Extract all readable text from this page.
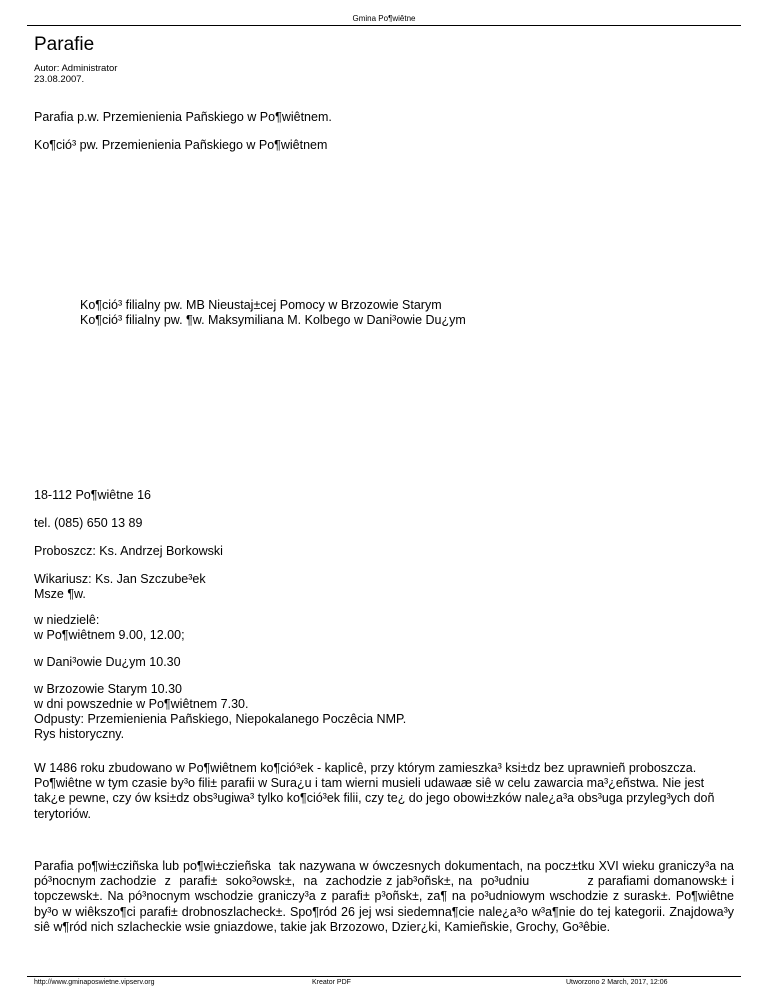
Gmina Po¶wiêtne
Parafie
Autor: Administrator
23.08.2007.
Parafia p.w. Przemienienia Pañskiego w Po¶wiêtnem.
Ko¶ció³ pw. Przemienienia Pañskiego w Po¶wiêtnem
Ko¶ció³ filialny pw. MB Nieustaj±cej Pomocy w Brzozowie Starym
Ko¶ció³ filialny pw. ¶w. Maksymiliana M. Kolbego w Dani³owie Du¿ym
18-112 Po¶wiêtne 16
tel. (085) 650 13 89
Proboszcz: Ks. Andrzej Borkowski
Wikariusz: Ks. Jan Szczube³ek
Msze ¶w.
w niedzielê:
w Po¶wiêtnem 9.00, 12.00;
w Dani³owie Du¿ym 10.30
w Brzozowie Starym 10.30
w dni powszednie w Po¶wiêtnem 7.30.
Odpusty: Przemienienia Pañskiego, Niepokalanego Poczêcia NMP.
Rys historyczny.
W 1486 roku zbudowano w Po¶wiêtnem ko¶ció³ek - kaplicê, przy którym zamieszka³ ksi±dz bez uprawnieñ proboszcza. Po¶wiêtne w tym czasie by³o fili± parafii w Sura¿u i tam wierni musieli udawaæ siê w celu zawarcia ma³¿eñstwa. Nie jest tak¿e pewne, czy ów ksi±dz obs³ugiwa³ tylko ko¶ció³ek filii, czy te¿ do jego obowi±zków nale¿a³a obs³uga przyleg³ych doñ terytoriów.
Parafia po¶wi±cziñska lub po¶wi±czieñska  tak nazywana w ówczesnych dokumentach, na pocz±tku XVI wieku graniczy³a na pó³nocnym zachodzie  z  parafi±  soko³owsk±,  na  zachodzie z jab³oñsk±, na  po³udniu              z parafiami domanowsk± i topczewsk±. Na pó³nocnym wschodzie graniczy³a z parafi± p³oñsk±, za¶ na po³udniowym wschodzie z surask±. Po¶wiêtne by³o w wiêkszo¶ci parafi± drobnoszlacheck±. Spo¶ród 26 jej wsi siedemna¶cie nale¿a³o w³a¶nie do tej kategorii. Znajdowa³y siê w¶ród nich szlacheckie wsie gniazdowe, takie jak Brzozowo, Dzier¿ki, Kamieñskie, Grochy, Go³êbie.
http://www.gminaposwietne.vipserv.org	Kreator PDF	Utworzono 2 March, 2017, 12:06
